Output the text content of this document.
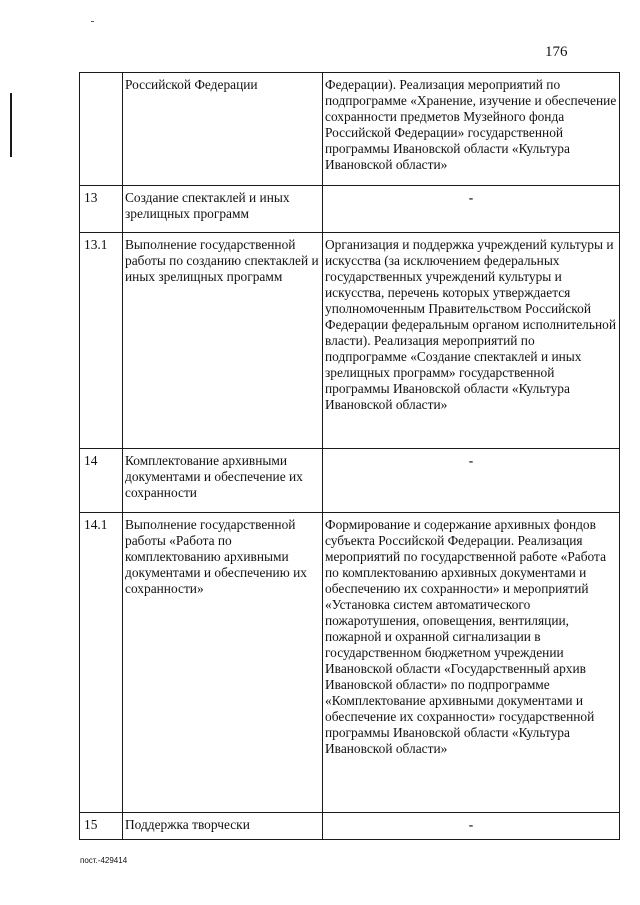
176
	Российской Федерации	Федерации). Реализация мероприятий по подпрограмме «Хранение, изучение и обеспечение сохранности предметов Музейного фонда Российской Федерации» государственной программы Ивановской области «Культура Ивановской области»
13	Создание спектаклей и иных зрелищных программ	-

13.1	Выполнение государственной работы по созданию спектаклей и иных зрелищных программ	Организация и поддержка учреждений культуры и искусства (за исключением федеральных государственных учреждений культуры и искусства, перечень которых утверждается уполномоченным Правительством Российской Федерации федеральным органом исполнительной власти). Реализация мероприятий по подпрограмме «Создание спектаклей и иных зрелищных программ» государственной программы Ивановской области «Культура Ивановской области»
14	Комплектование архивными документами и обеспечение их сохранности	-

14.1	Выполнение государственной работы «Работа по комплектованию архивными документами и обеспечению их сохранности»	Формирование и содержание архивных фондов субъекта Российской Федерации. Реализация мероприятий по государственной работе «Работа по комплектованию архивных документами и обеспечению их сохранности» и мероприятий «Установка систем автоматического пожаротушения, оповещения, вентиляции, пожарной и охранной сигнализации в государственном бюджетном учреждении Ивановской области «Государственный архив Ивановской области» по подпрограмме «Комплектование архивными документами и обеспечение их сохранности» государственной программы Ивановской области «Культура Ивановской области»
15	Поддержка творчески	-
пост.-429414
